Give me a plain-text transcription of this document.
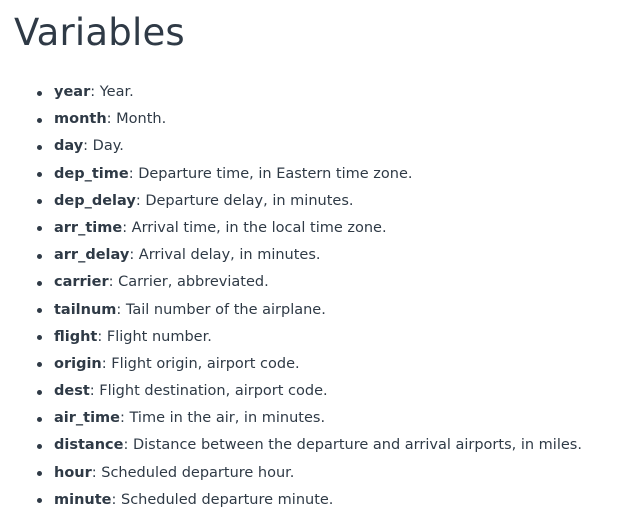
Variables
year: Year.
month: Month.
day: Day.
dep_time: Departure time, in Eastern time zone.
dep_delay: Departure delay, in minutes.
arr_time: Arrival time, in the local time zone.
arr_delay: Arrival delay, in minutes.
carrier: Carrier, abbreviated.
tailnum: Tail number of the airplane.
flight: Flight number.
origin: Flight origin, airport code.
dest: Flight destination, airport code.
air_time: Time in the air, in minutes.
distance: Distance between the departure and arrival airports, in miles.
hour: Scheduled departure hour.
minute: Scheduled departure minute.
